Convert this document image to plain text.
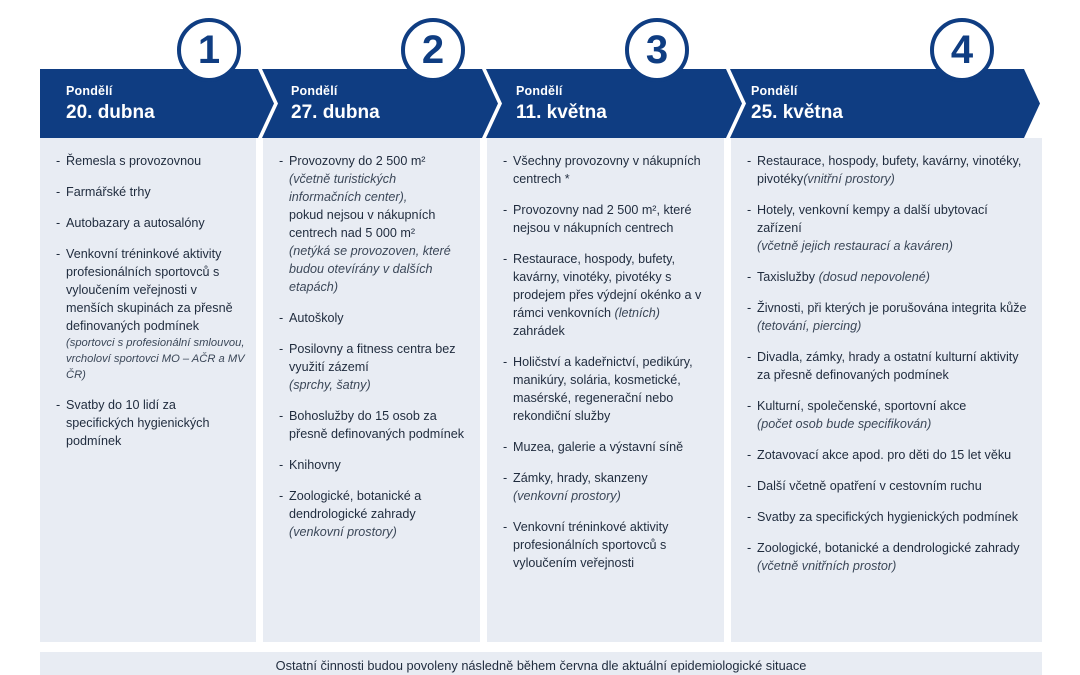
1	2	3	4
Pondělí
20. dubna
Pondělí
27. dubna
Pondělí
11. května
Pondělí
25. května
- Řemesla s provozovnou
- Farmářské trhy
- Autobazary a autosalóny
- Venkovní tréninkové aktivity profesionálních sportovců s vyloučením veřejnosti v menších skupinách za přesně definovaných podmínek
(sportovci s profesionální smlouvou, vrcholoví sportovci MO – AČR a MV ČR)
- Svatby do 10 lidí za specifických hygienických podmínek
- Provozovny do 2 500 m²
(včetně turistických informačních center),
pokud nejsou v nákupních centrech nad 5 000 m²
(netýká se provozoven, které budou otevírány v dalších etapách)
- Autoškoly
- Posilovny a fitness centra bez využití zázemí
(sprchy, šatny)
- Bohoslužby do 15 osob za přesně definovaných podmínek
- Knihovny
- Zoologické, botanické a dendrologické zahrady
(venkovní prostory)
- Všechny provozovny v nákupních centrech *
- Provozovny nad 2 500 m², které nejsou v nákupních centrech
- Restaurace, hospody, bufety, kavárny, vinotéky, pivotéky s prodejem přes výdejní okénko a v rámci venkovních (letních) zahrádek
- Holičství a kadeřnictví, pedikúry, manikúry, solária, kosmetické, masérské, regenerační nebo rekondiční služby
- Muzea, galerie a výstavní síně
- Zámky, hrady, skanzeny
(venkovní prostory)
- Venkovní tréninkové aktivity profesionálních sportovců s vyloučením veřejnosti
- Restaurace, hospody, bufety, kavárny, vinotéky, pivotéky(vnitřní prostory)
- Hotely, venkovní kempy a další ubytovací zařízení
(včetně jejich restaurací a kaváren)
- Taxislužby (dosud nepovolené)
- Živnosti, při kterých je porušována integrita kůže (tetování, piercing)
- Divadla, zámky, hrady a ostatní kulturní aktivity za přesně definovaných podmínek
- Kulturní, společenské, sportovní akce
(počet osob bude specifikován)
- Zotavovací akce apod. pro děti do 15 let věku
- Další včetně opatření v cestovním ruchu
- Svatby za specifických hygienických podmínek
- Zoologické, botanické a dendrologické zahrady (včetně vnitřních prostor)
Ostatní činnosti budou povoleny následně během června dle aktuální epidemiologické situace
